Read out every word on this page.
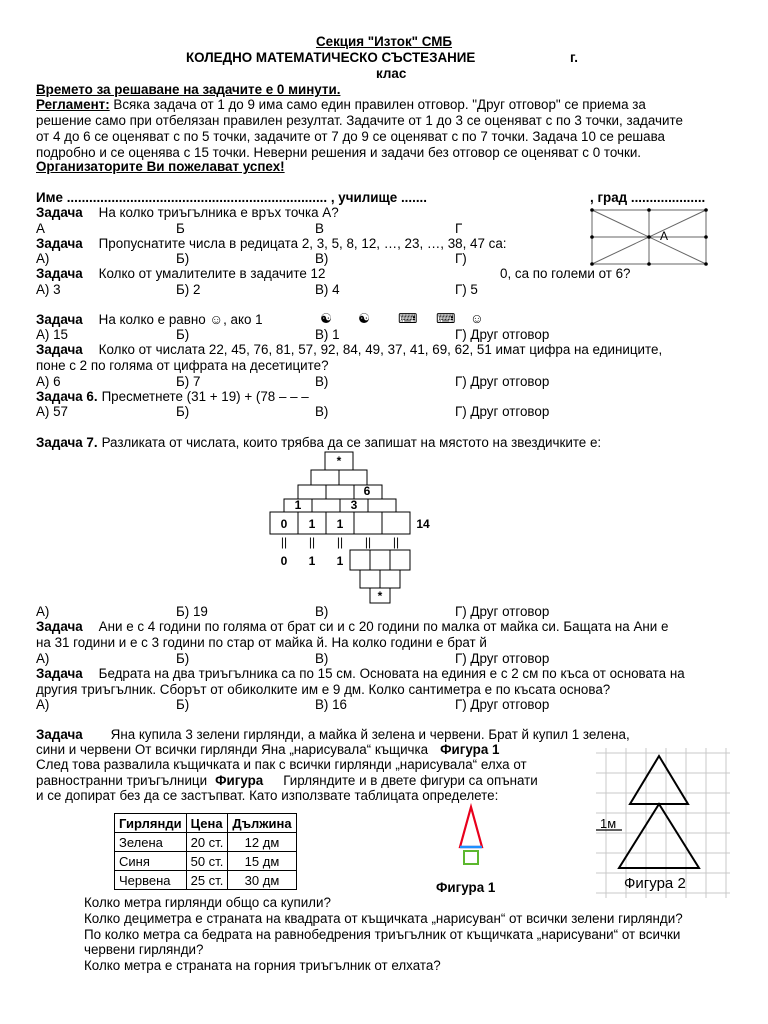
Секция "Изток" СМБ
КОЛЕДНО МАТЕМАТИЧЕСКО СЪСТЕЗАНИЕ	г.
клас
Времето за решаване на задачите е 0 минути.
Регламент: Всяка задача от 1 до 9 има само един правилен отговор. "Друг отговор" се приема за
решение само при отбелязан правилен резултат. Задачите от 1 до 3 се оценяват с по 3 точки, задачите
от 4 до 6 се оценяват с по 5 точки, задачите от 7 до 9 се оценяват с по 7 точки. Задача 10 се решава
подробно и се оценява с 15 точки. Неверни решения и задачи без отговор се оценяват с 0 точки.
Организаторите Ви пожелават успех!
Име ...................................................................... , училище .......	, град ....................
Задача На колко триъгълника е връх точка А?
А	Б	В	Г	А
Задача Пропуснатите числа в редицата 2, 3, 5, 8, 12, …, 23, …, 38, 47 са:
А)	Б)	В)	Г)
Задача Колко от умалителите в задачите 12	0, са по големи от 6?
А) 3	Б) 2	В) 4	Г) 5
Задача На колко е равно ☺, ако 1	☯ ☯ ⌨ ⌨ ☺
А) 15	Б)	В) 1	Г) Друг отговор
Задача Колко от числата 22, 45, 76, 81, 57, 92, 84, 49, 37, 41, 69, 62, 51 имат цифра на единиците,
поне с 2 по голяма от цифрата на десетиците?
А) 6	Б) 7	В)	Г) Друг отговор
Задача 6. Пресметнете (31 + 19) + (78 – – –
А) 57	Б)	В)	Г) Друг отговор
Задача 7. Разликата от числата, които трябва да се запишат на мястото на звездичките е:
*
6
1	3
0 1 1	14
|| || || || ||
0 1 1
*
А)	Б) 19	В)	Г) Друг отговор
Задача Ани е с 4 години по голяма от брат си и с 20 години по малка от майка си. Бащата на Ани е
на 31 години и е с 3 години по стар от майка й. На колко години е брат й
А)	Б)	В)	Г) Друг отговор
Задача Бедрата на два триъгълника са по 15 см. Основата на единия е с 2 см по къса от основата на
другия триъгълник. Сборът от обиколките им е 9 дм. Колко сантиметра е по късата основа?
А)	Б)	В) 16	Г) Друг отговор
Задача Яна купила 3 зелени гирлянди, а майка й зелена и червени. Брат й купил 1 зелена,
сини и червени От всички гирлянди Яна „нарисувала“ къщичка Фигура 1
След това развалила къщичката и пак с всички гирлянди „нарисувала“ елха от
равностранни триъгълници Фигура Гирляндите и в двете фигури са опънати
и се допират без да се застъпват. Като използвате таблицата определете:
Гирлянди	Цена	Дължина
Зелена	20 ст.	12 дм
Синя	50 ст.	15 дм
Червена	25 ст.	30 дм	Фигура 1
1м
Фигура 2
Колко метра гирлянди общо са купили?
Колко дециметра е страната на квадрата от къщичката „нарисуван“ от всички зелени гирлянди?
По колко метра са бедрата на равнобедрения триъгълник от къщичката „нарисувани“ от всички
червени гирлянди?
Колко метра е страната на горния триъгълник от елхата?
